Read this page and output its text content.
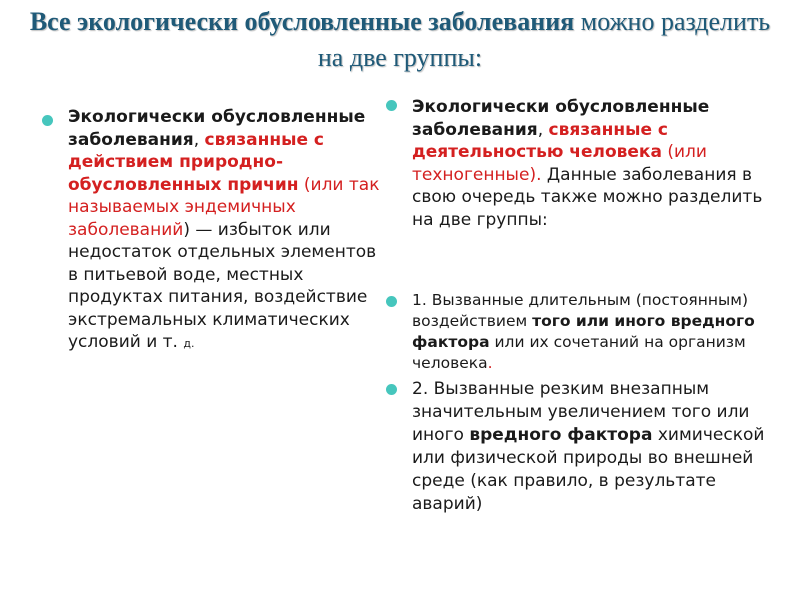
Все экологически обусловленные заболевания можно разделить на две группы:

Экологически обусловленные заболевания, связанные с действием природно-обусловленных причин (или так называемых эндемичных заболеваний) — избыток или недостаток отдельных элементов в питьевой воде, местных продуктах питания, воздействие экстремальных климатических условий и т. д.

Экологически обусловленные заболевания, связанные с деятельностью человека (или техногенные). Данные заболевания в свою очередь также можно разделить на две группы:

1. Вызванные длительным (постоянным) воздействием того или иного вредного фактора или их сочетаний на организм человека.
2. Вызванные резким внезапным значительным увеличением того или иного вредного фактора химической или физической природы во внешней среде (как правило, в результате аварий)
